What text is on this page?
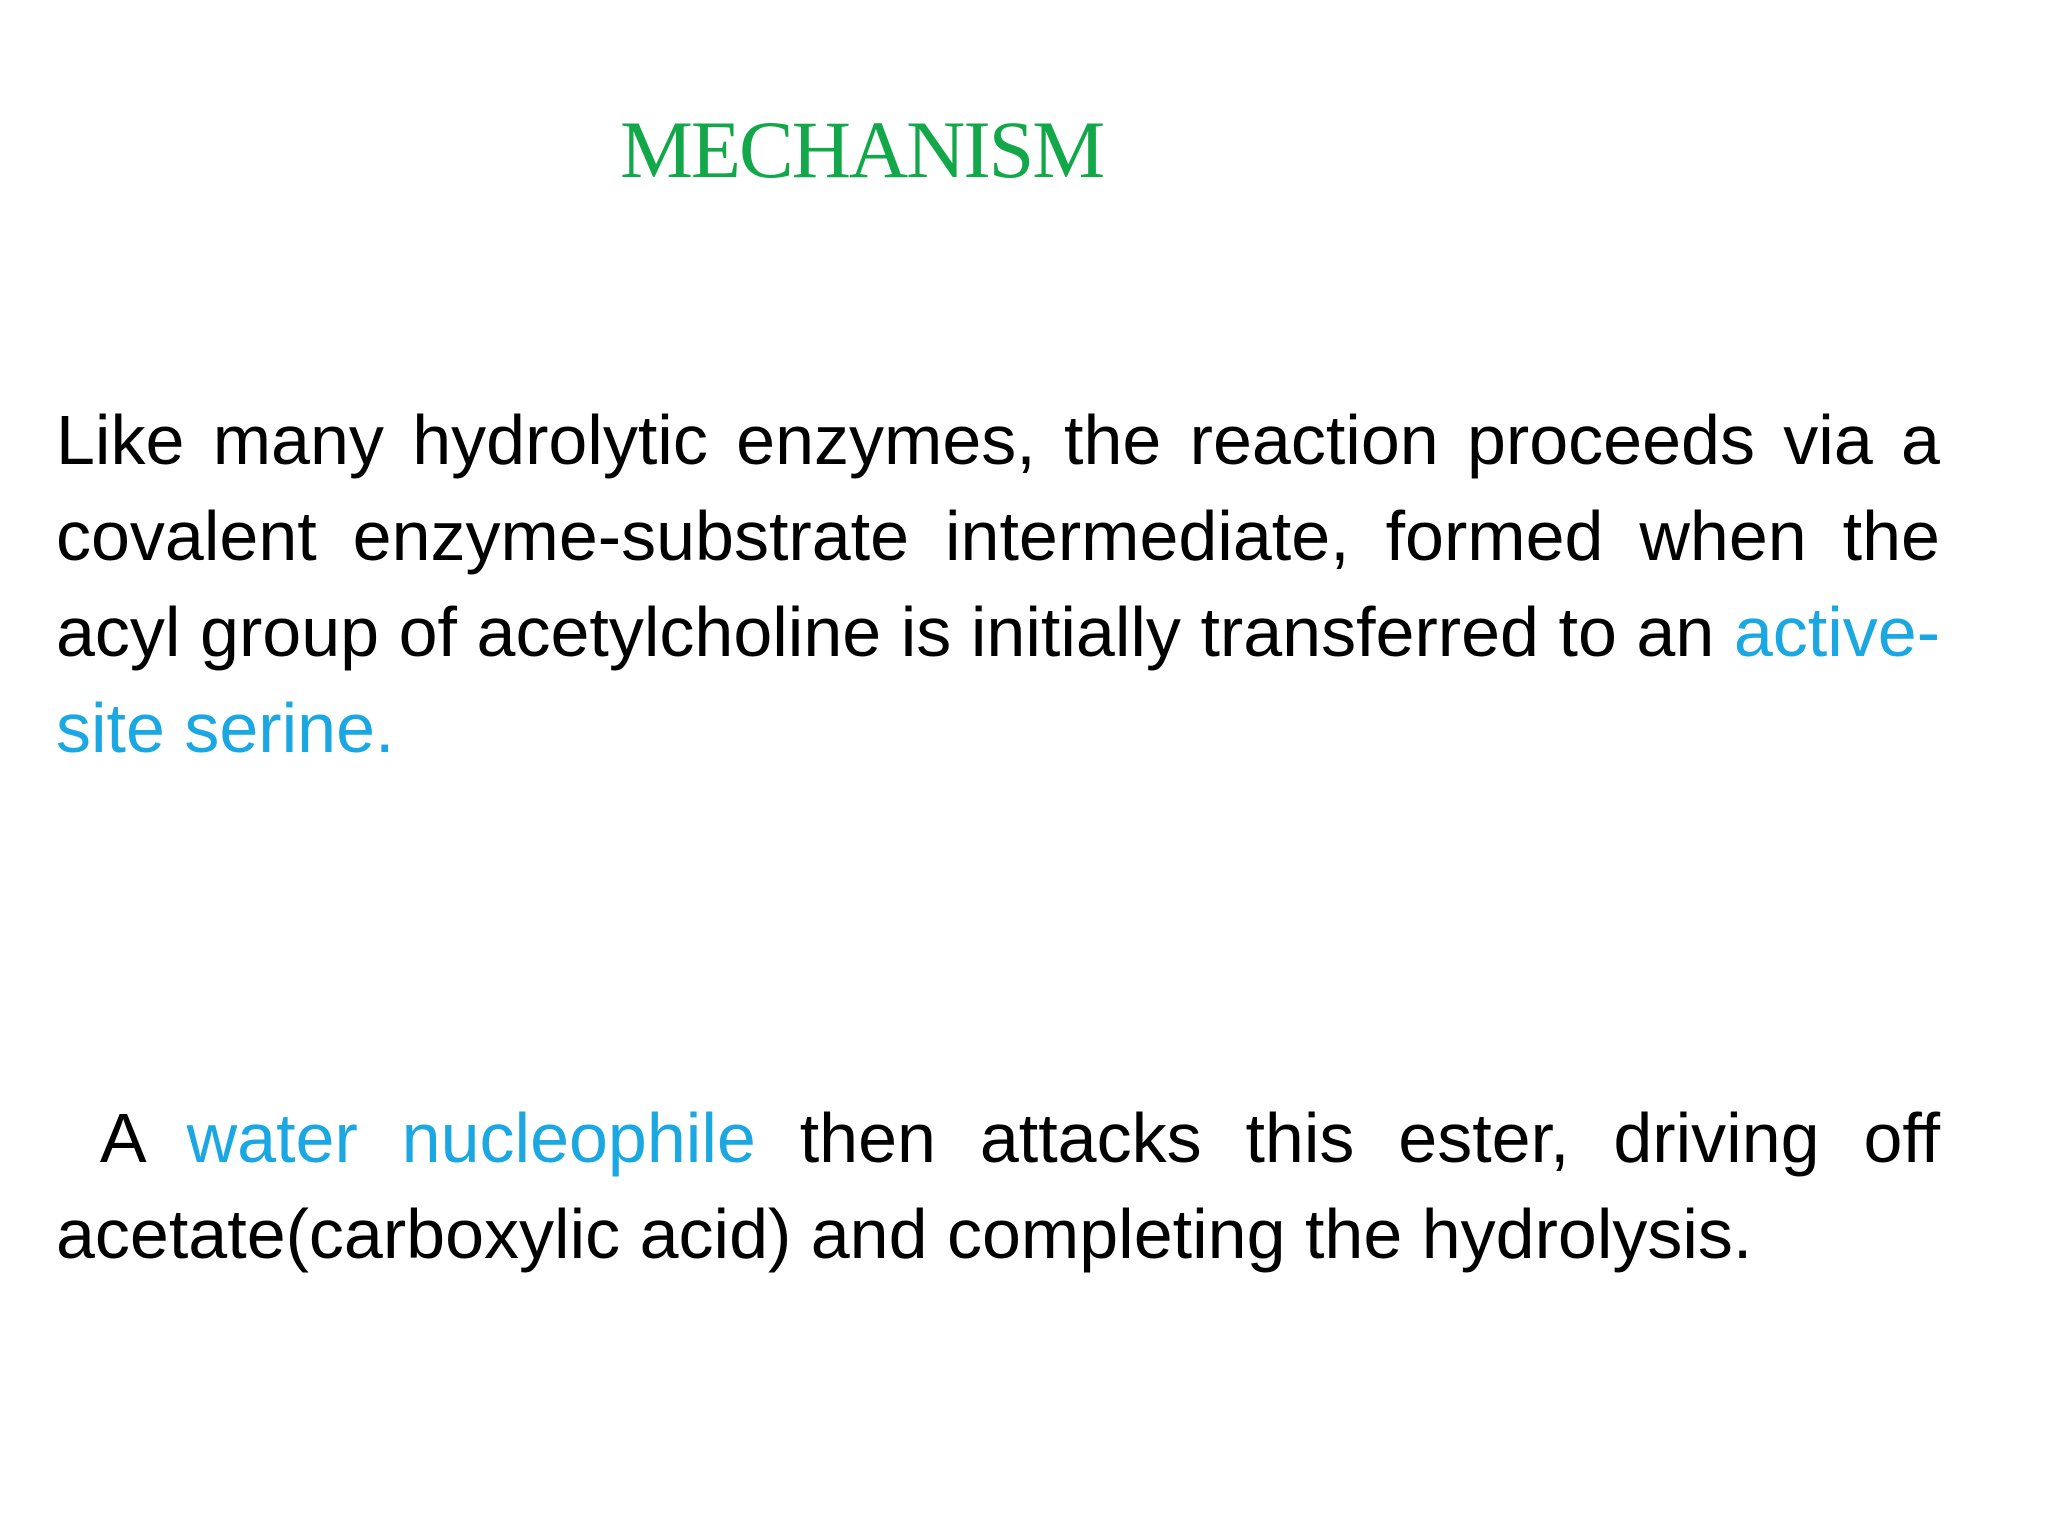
MECHANISM

Like many hydrolytic enzymes, the reaction proceeds via a covalent enzyme-substrate intermediate, formed when the acyl group of acetylcholine is initially transferred to an active-site serine.

A water nucleophile then attacks this ester, driving off acetate(carboxylic acid) and completing the hydrolysis.
